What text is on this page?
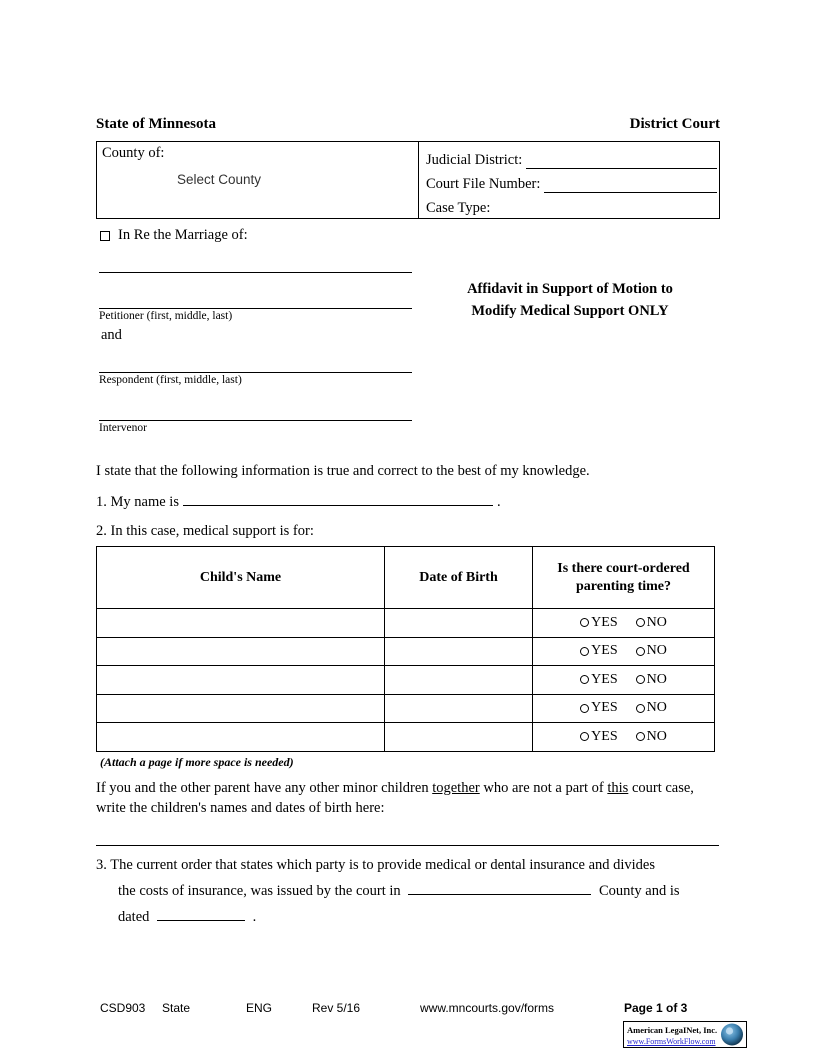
State of Minnesota	District Court
County of:
Select County
Judicial District:
Court File Number:
Case Type:
In Re the Marriage of:
Petitioner (first, middle, last)
and
Respondent (first, middle, last)
Intervenor
Affidavit in Support of Motion to
Modify Medical Support ONLY
I state that the following information is true and correct to the best of my knowledge.
1. My name is	.
2. In this case, medical support is for:
Child's Name	Date of Birth	Is there court-ordered parenting time?

		YES NO

		YES NO

		YES NO

		YES NO

		YES NO
(Attach a page if more space is needed)
If you and the other parent have any other minor children together who are not a part of this court case, write the children's names and dates of birth here:
3. The current order that states which party is to provide medical or dental insurance and divides
the costs of insurance, was issued by the court in	County and is
dated	.
CSD903 State	ENG	Rev 5/16	www.mncourts.gov/forms	Page 1 of 3
American LegaINet, Inc.
www.FormsWorkFlow.com
